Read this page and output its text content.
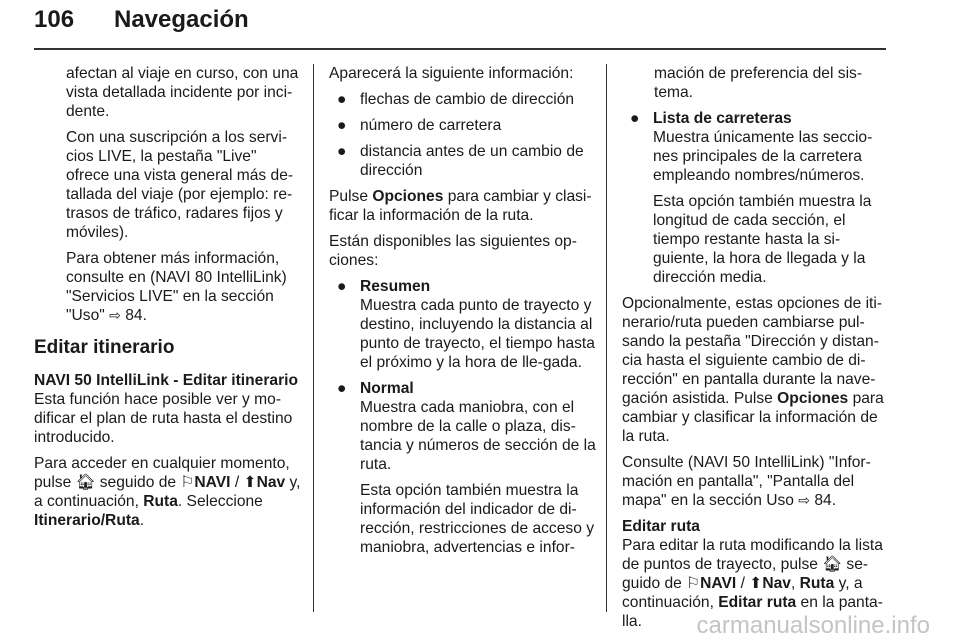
106 Navegación

afectan al viaje en curso, con una vista detallada incidente por inci-dente.

Con una suscripción a los servi-cios LIVE, la pestaña "Live" ofrece una vista general más de-tallada del viaje (por ejemplo: re-trasos de tráfico, radares fijos y móviles).

Para obtener más información, consulte en (NAVI 80 IntelliLink) "Servicios LIVE" en la sección "Uso" ⇨ 84.

Editar itinerario
NAVI 50 IntelliLink - Editar itinerario

Esta función hace posible ver y mo-dificar el plan de ruta hasta el destino introducido.

Para acceder en cualquier momento, pulse 🏠︎ seguido de ⚐NAVI / ⬆Nav y, a continuación, Ruta. Seleccione Itinerario/Ruta.

Aparecerá la siguiente información:

● flechas de cambio de dirección
● número de carretera
● distancia antes de un cambio de dirección

Pulse Opciones para cambiar y clasi-ficar la información de la ruta.

Están disponibles las siguientes op-ciones:

● Resumen
Muestra cada punto de trayecto y destino, incluyendo la distancia al punto de trayecto, el tiempo hasta el próximo y la hora de lle-gada.
● Normal

Muestra cada maniobra, con el nombre de la calle o plaza, dis-tancia y números de sección de la ruta.

Esta opción también muestra la información del indicador de di-rección, restricciones de acceso y maniobra, advertencias e infor-

mación de preferencia del sis-tema.

● Lista de carreteras

Muestra únicamente las seccio-nes principales de la carretera empleando nombres/números.

Esta opción también muestra la longitud de cada sección, el tiempo restante hasta la si-guiente, la hora de llegada y la dirección media.

Opcionalmente, estas opciones de iti-nerario/ruta pueden cambiarse pul-sando la pestaña "Dirección y distan-cia hasta el siguiente cambio de di-rección" en pantalla durante la nave-gación asistida. Pulse Opciones para cambiar y clasificar la información de la ruta.

Consulte (NAVI 50 IntelliLink) "Infor-mación en pantalla", "Pantalla del mapa" en la sección Uso ⇨ 84.

Editar ruta

Para editar la ruta modificando la lista de puntos de trayecto, pulse 🏠︎ se-guido de ⚐NAVI / ⬆Nav, Ruta y, a continuación, Editar ruta en la panta-lla.	carmanualsonline.info
